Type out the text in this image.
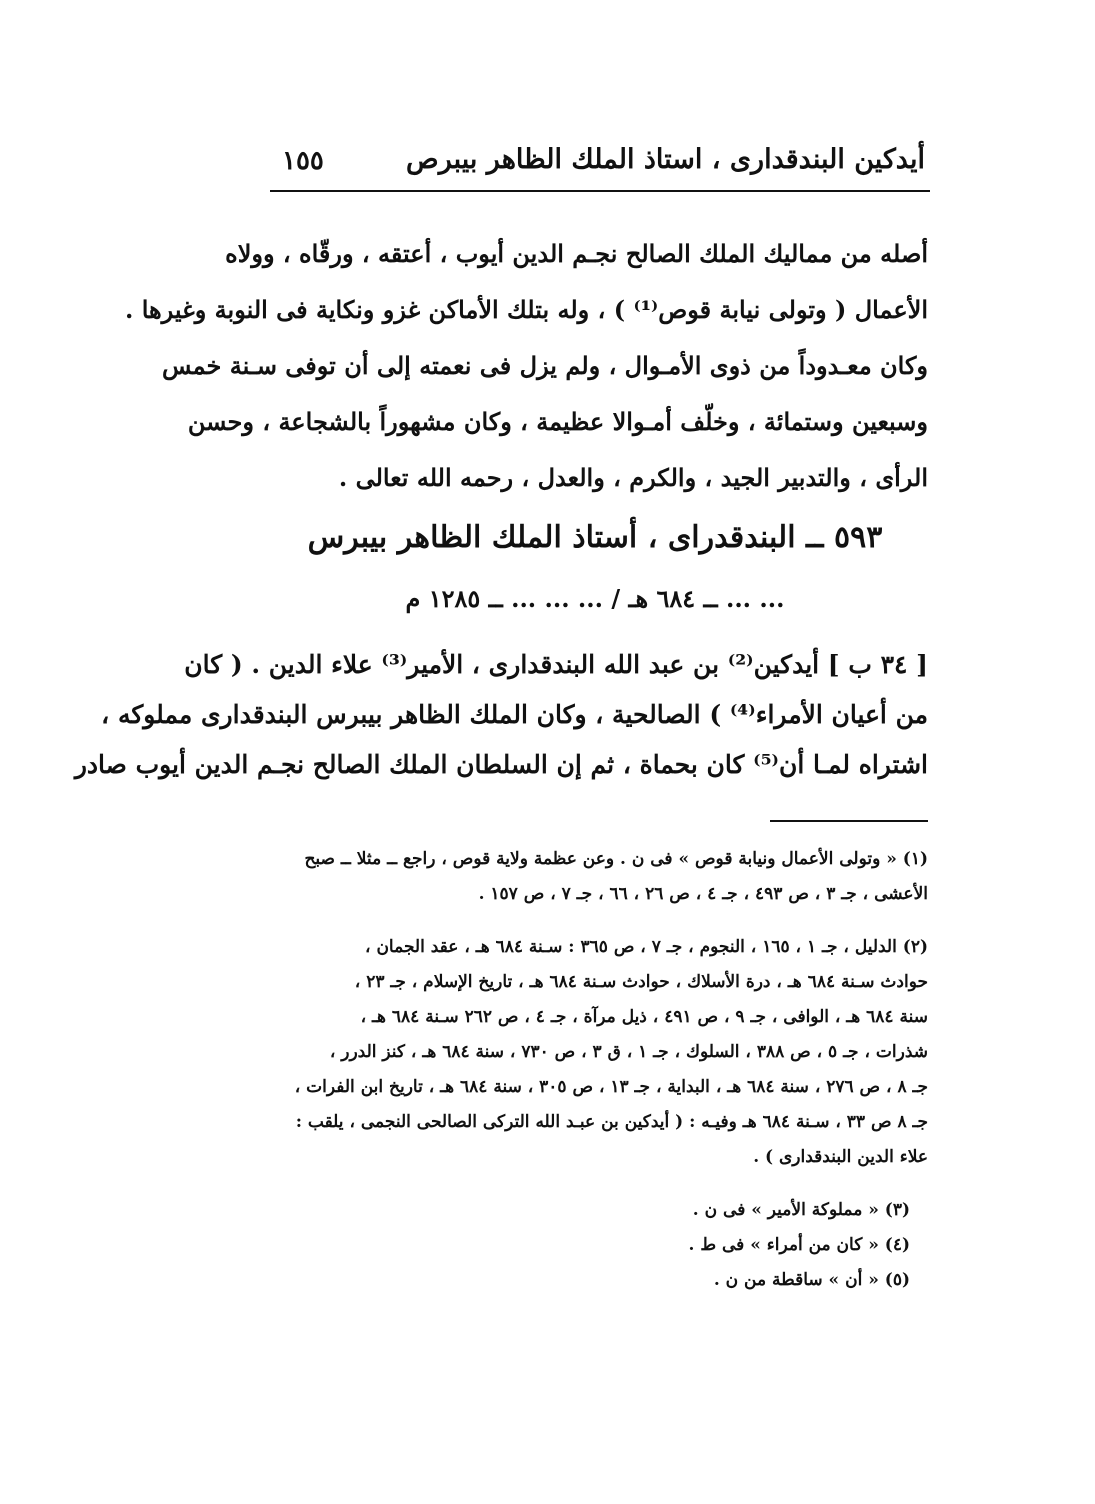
أيدكين البندقدارى ، استاذ الملك الظاهر بيبرص
١٥٥
أصله من مماليك الملك الصالح نجـم الدين أيوب ، أعتقه ، ورقّاه ، وولاه
الأعمال ( وتولى نيابة قوص⁽¹⁾ ) ، وله بتلك الأماكن غزو ونكاية فى النوبة وغيرها .
وكان معـدوداً من ذوى الأمـوال ، ولم يزل فى نعمته إلى أن توفى سـنة خمس
وسبعين وستمائة ، وخلّف أمـوالا عظيمة ، وكان مشهوراً بالشجاعة ، وحسن
الرأى ، والتدبير الجيد ، والكرم ، والعدل ، رحمه الله تعالى .
٥٩٣ ــ البندقدراى ، أستاذ الملك الظاهر بيبرس
... ... ــ ٦٨٤ هـ / ... ... ... ــ ١٢٨٥ م
[ ٣٤ ب ] أيدكين⁽²⁾ بن عبد الله البندقدارى ، الأمير⁽³⁾ علاء الدين . ( كان
من أعيان الأمراء⁽⁴⁾ ) الصالحية ، وكان الملك الظاهر بيبرس البندقدارى مملوكه ،
اشتراه لمـا أن⁽⁵⁾ كان بحماة ، ثم إن السلطان الملك الصالح نجـم الدين أيوب صادر
(١) « وتولى الأعمال ونيابة قوص » فى ن . وعن عظمة ولاية قوص ، راجع ــ مثلا ــ صبح
الأعشى ، جـ ٣ ، ص ٤٩٣ ، جـ ٤ ، ص ٢٦ ، ٦٦ ، جـ ٧ ، ص ١٥٧ .
(٢) الدليل ، جـ ١ ، ١٦٥ ، النجوم ، جـ ٧ ، ص ٣٦٥ : سـنة ٦٨٤ هـ ، عقد الجمان ،
حوادث سـنة ٦٨٤ هـ ، درة الأسلاك ، حوادث سـنة ٦٨٤ هـ ، تاريخ الإسلام ، جـ ٢٣ ،
سنة ٦٨٤ هـ ، الوافى ، جـ ٩ ، ص ٤٩١ ، ذيل مرآة ، جـ ٤ ، ص ٢٦٢ سـنة ٦٨٤ هـ ،
شذرات ، جـ ٥ ، ص ٣٨٨ ، السلوك ، جـ ١ ، ق ٣ ، ص ٧٣٠ ، سنة ٦٨٤ هـ ، كنز الدرر ،
جـ ٨ ، ص ٢٧٦ ، سنة ٦٨٤ هـ ، البداية ، جـ ١٣ ، ص ٣٠٥ ، سنة ٦٨٤ هـ ، تاريخ ابن الفرات ،
جـ ٨ ص ٣٣ ، سـنة ٦٨٤ هـ وفيـه : ( أيدكين بن عبـد الله التركى الصالحى النجمى ، يلقب :
علاء الدين البندقدارى ) .
(٣) « مملوكة الأمير » فى ن .
(٤) « كان من أمراء » فى ط .
(٥) « أن » ساقطة من ن .
